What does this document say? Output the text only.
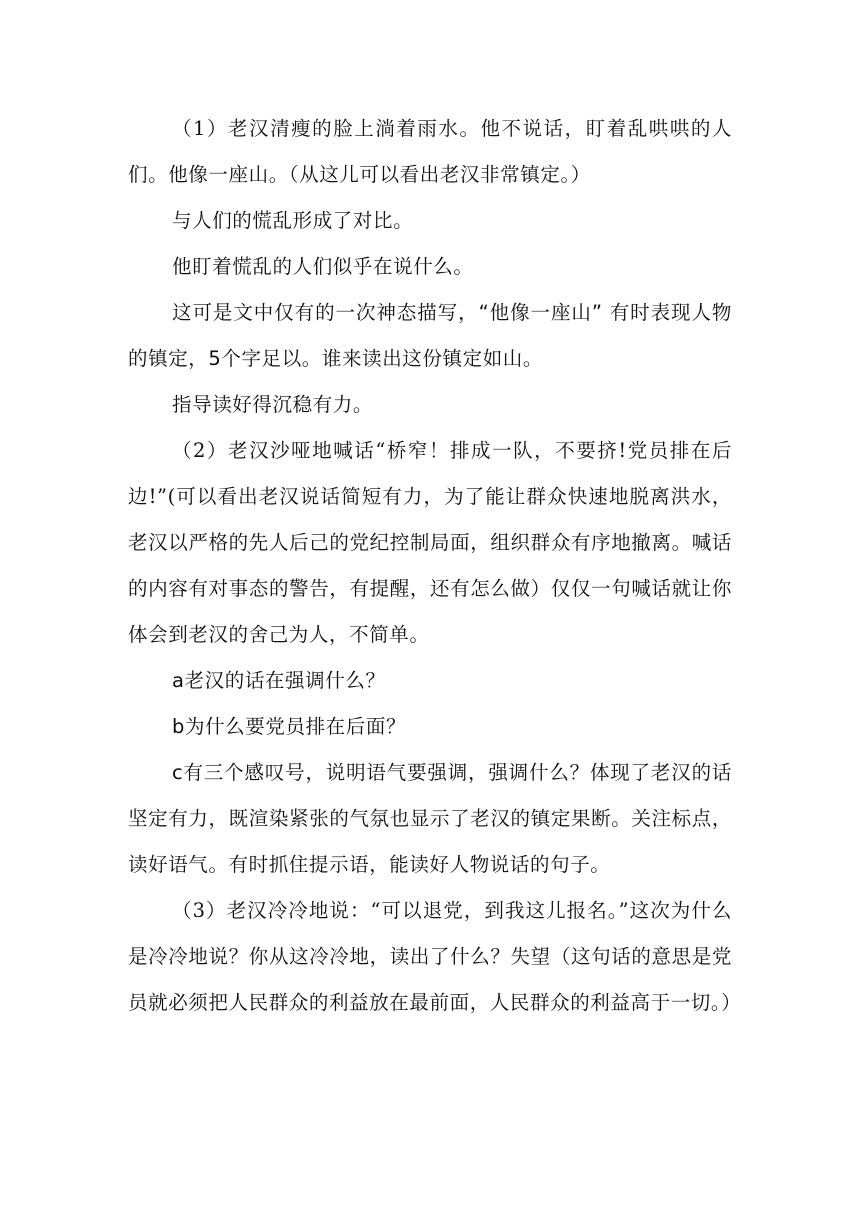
（1）老汉清瘦的脸上淌着雨水。他不说话，盯着乱哄哄的人们。他像一座山。（从这儿可以看出老汉非常镇定。）

与人们的慌乱形成了对比。

他盯着慌乱的人们似乎在说什么。

这可是文中仅有的一次神态描写，“他像一座山” 有时表现人物的镇定，5个字足以。谁来读出这份镇定如山。

指导读好得沉稳有力。

（2）老汉沙哑地喊话“桥窄！排成一队，不要挤!党员排在后边!”(可以看出老汉说话简短有力，为了能让群众快速地脱离洪水，老汉以严格的先人后己的党纪控制局面，组织群众有序地撤离。喊话的内容有对事态的警告，有提醒，还有怎么做）仅仅一句喊话就让你体会到老汉的舍己为人，不简单。

a老汉的话在强调什么？

b为什么要党员排在后面？

c有三个感叹号，说明语气要强调，强调什么？体现了老汉的话坚定有力，既渲染紧张的气氛也显示了老汉的镇定果断。关注标点，读好语气。有时抓住提示语，能读好人物说话的句子。

（3）老汉冷冷地说：“可以退党，到我这儿报名。”这次为什么是冷冷地说？你从这冷冷地，读出了什么？失望（这句话的意思是党员就必须把人民群众的利益放在最前面，人民群众的利益高于一切。）
